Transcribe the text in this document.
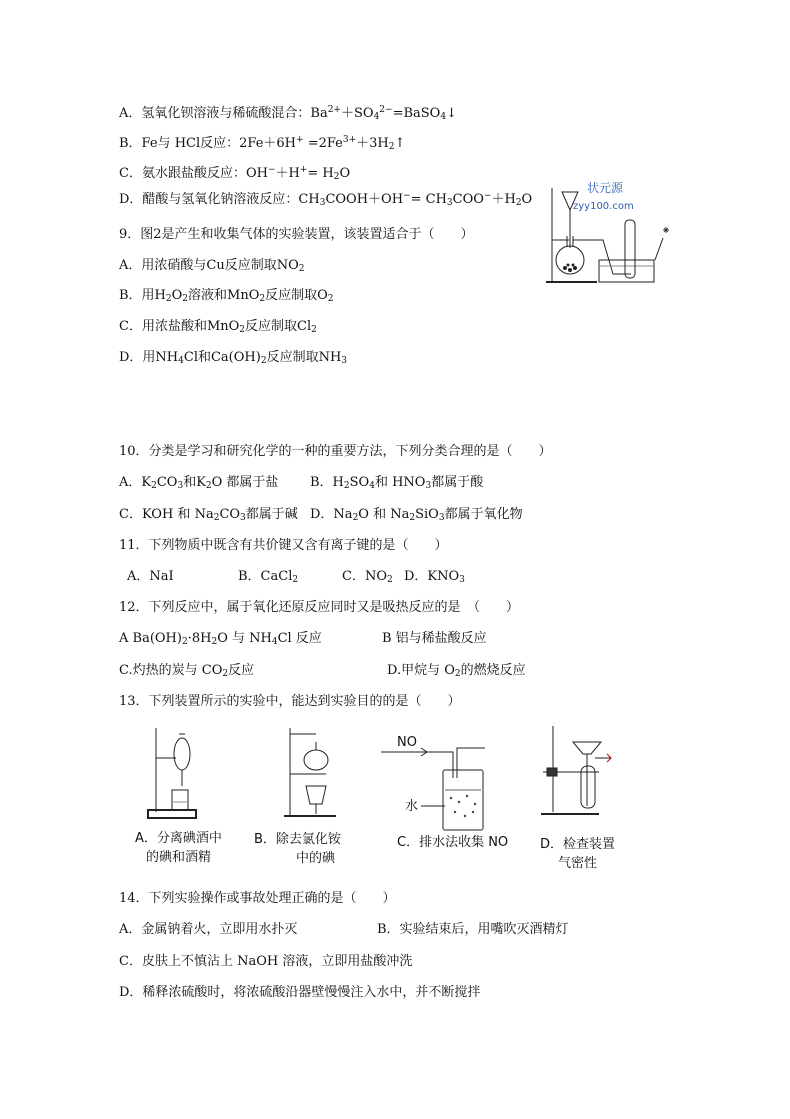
A．氢氧化钡溶液与稀硫酸混合：$Ba^{2+}+SO_4^{2-}=BaSO_4↓$
B．Fe与 HCl反应：$2Fe+6H^+ =2Fe^{3+}+3H_2↑$
C．氨水跟盐酸反应：$OH^-+H^+= H_2O$
D．醋酸与氢氧化钠溶液反应：$CH_3COOH+OH^-= CH_3COO^-+H_2O$
状元源
zyy100.com
9．图2是产生和收集气体的实验装置，该装置适合于（　　）
A．用浓硝酸与Cu反应制取$NO_2$
B．用$H_2O_2$溶液和MnO$_2$反应制取$O_2$
C．用浓盐酸和MnO$_2$反应制取$Cl_2$
D．用$NH_4Cl$和$Ca(OH)_2$反应制取$NH_3$
10．分类是学习和研究化学的一种的重要方法，下列分类合理的是（　　）
A．$K_2CO_3$和$K_2O$ 都属于盐 B．$H_2SO_4$和 $HNO_3$都属于酸
C．KOH 和 $Na_2CO_3$都属于碱 D．$Na_2O$ 和 $Na_2SiO_3$都属于氧化物
11．下列物质中既含有共价键又含有离子键的是（　　）
A．NaI	B．CaCl$_2$	C．$NO_2$ D．$KNO_3$
12．下列反应中，属于氧化还原反应同时又是吸热反应的是　（　　）
A $Ba(OH)_2\cdot 8H_2O$ 与 $NH_4Cl$ 反应	B 铝与稀盐酸反应
C.灼热的炭与 $CO_2$反应	D.甲烷与 $O_2$的燃烧反应
13．下列装置所示的实验中，能达到实验目的的是（　　）
NO
水
A．分离碘酒中
的碘和酒精
B．除去氯化铵
中的碘
C．排水法收集 NO D．检查装置
气密性
14．下列实验操作或事故处理正确的是（　　）
A．金属钠着火，立即用水扑灭	B．实验结束后，用嘴吹灭酒精灯
C．皮肤上不慎沾上 NaOH 溶液，立即用盐酸冲洗
D．稀释浓硫酸时，将浓硫酸沿器壁慢慢注入水中，并不断搅拌
